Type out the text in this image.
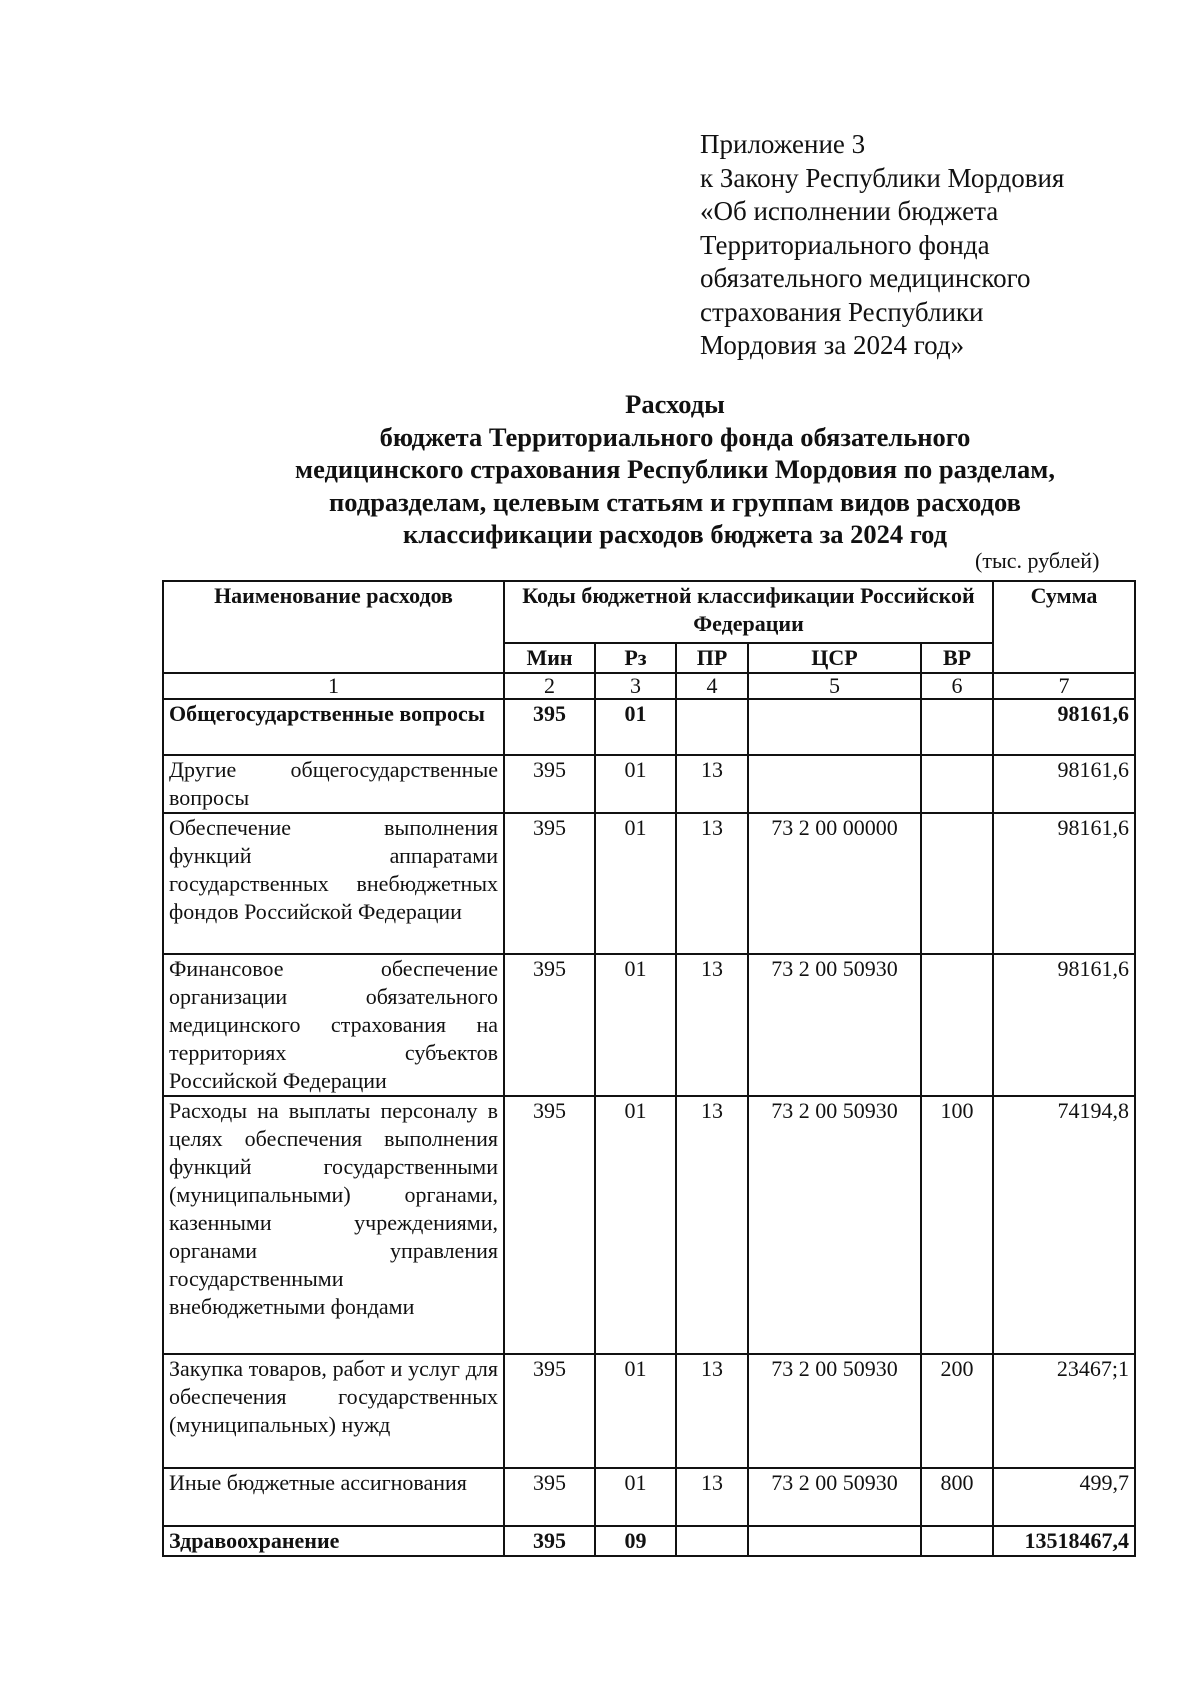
Приложение 3
к Закону Республики Мордовия
«Об исполнении бюджета
Территориального фонда
обязательного медицинского
страхования Республики
Мордовия за 2024 год»
Расходы
бюджета Территориального фонда обязательного
медицинского страхования Республики Мордовия по разделам,
подразделам, целевым статьям и группам видов расходов
классификации расходов бюджета за 2024 год
(тыс. рублей)
Наименование расходов	Коды бюджетной классификации Российской Федерации					Сумма
	Мин	Рз	ПР	ЦСР	ВР	
1	2	3	4	5	6	7
Общегосударственные вопросы	395	01				98161,6
Другие общегосударственные вопросы	395	01	13			98161,6
Обеспечение выполнения функций аппаратами государственных внебюджетных фондов Российской Федерации	395	01	13	73 2 00 00000		98161,6
Финансовое обеспечение организации обязательного медицинского страхования на территориях субъектов Российской Федерации	395	01	13	73 2 00 50930		98161,6
Расходы на выплаты персоналу в целях обеспечения выполнения функций государственными (муниципальными) органами, казенными учреждениями, органами управления государственными внебюджетными фондами	395	01	13	73 2 00 50930	100	74194,8
Закупка товаров, работ и услуг для обеспечения государственных (муниципальных) нужд	395	01	13	73 2 00 50930	200	23467;1
Иные бюджетные ассигнования	395	01	13	73 2 00 50930	800	499,7
Здравоохранение	395	09				13518467,4
